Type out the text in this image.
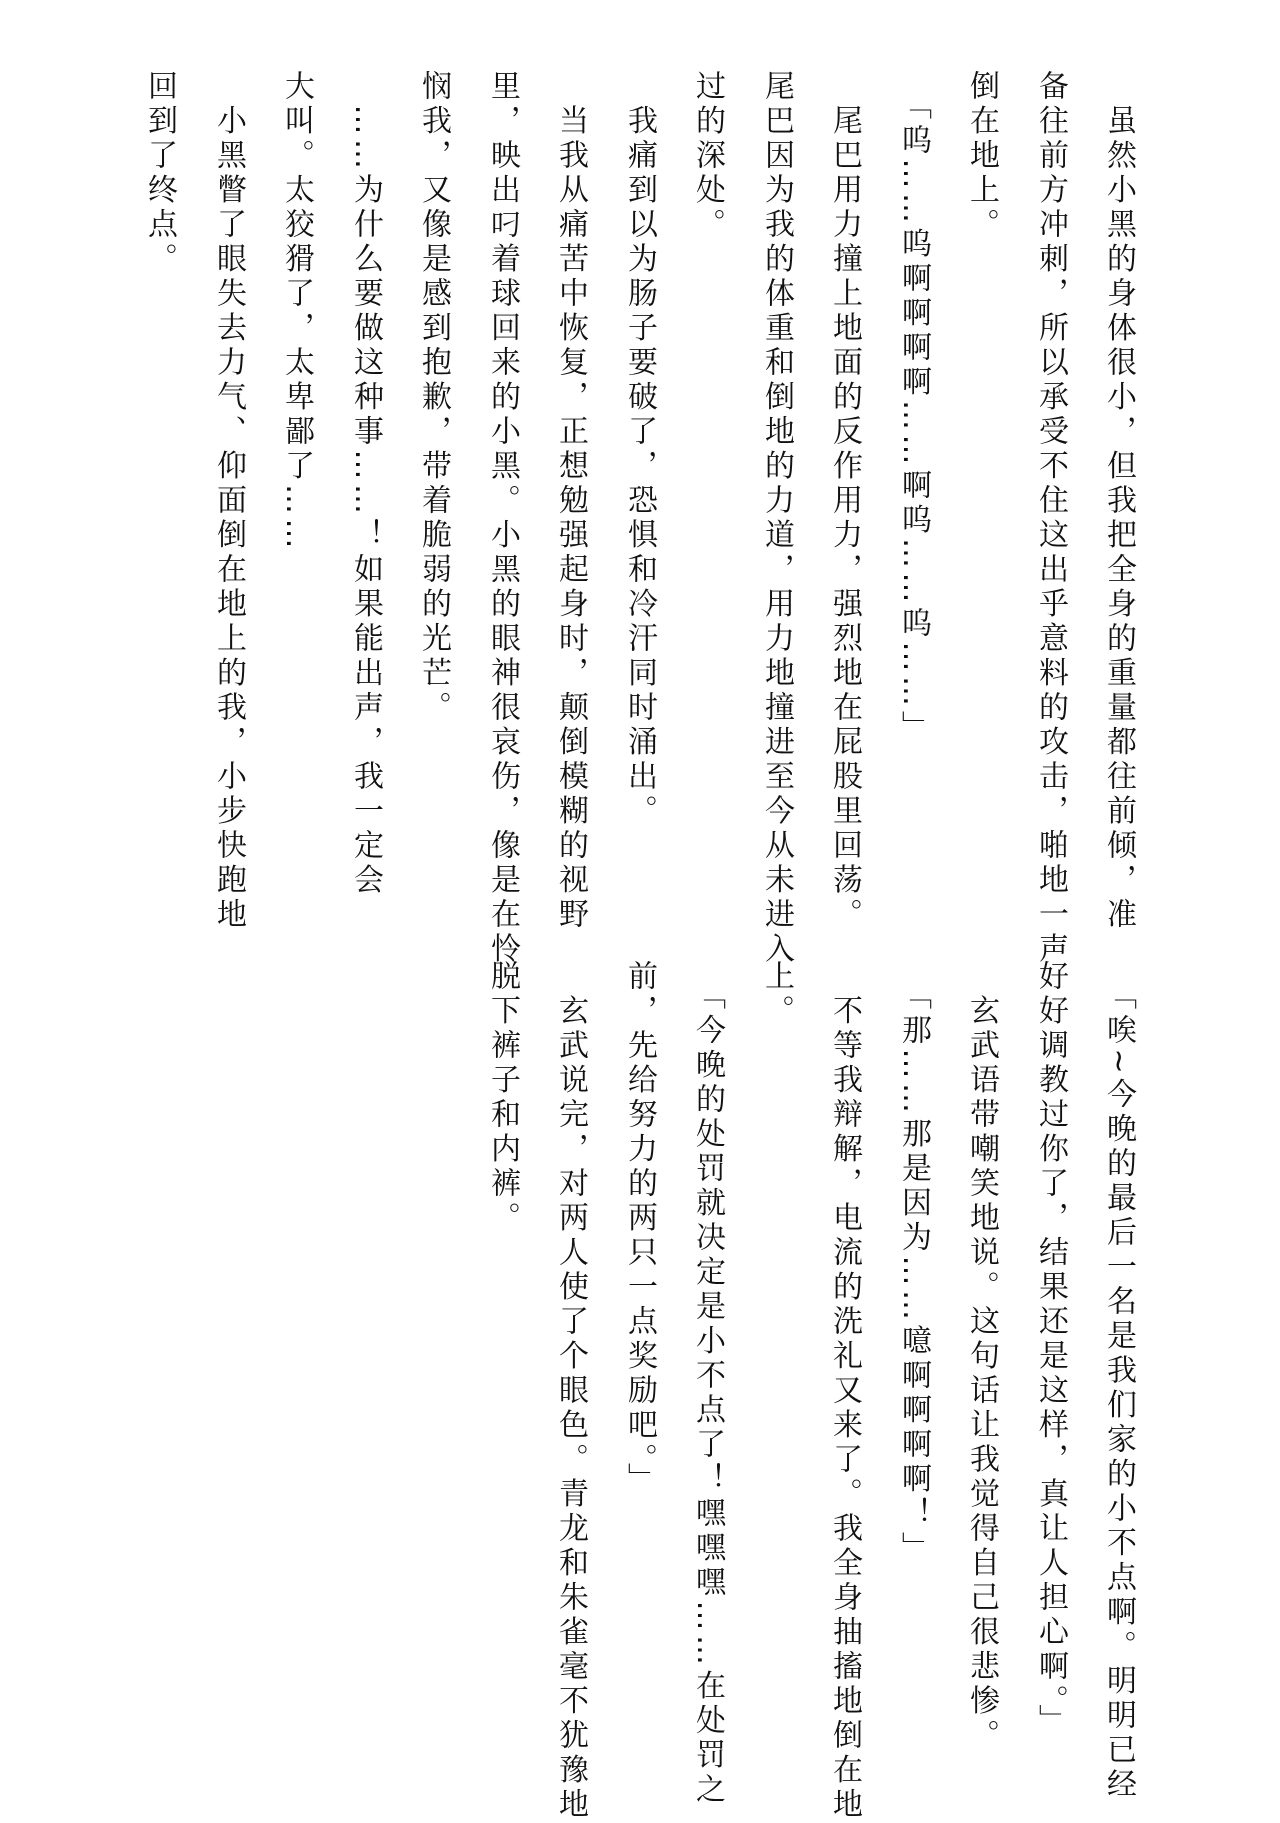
　虽然小黑的身体很小，但我把全身的重量都往前倾，准
备往前方冲刺，所以承受不住这出乎意料的攻击，啪地一声
倒在地上。
　「呜……呜啊啊啊啊……啊呜……呜……」
　尾巴用力撞上地面的反作用力，强烈地在屁股里回荡。
尾巴因为我的体重和倒地的力道，用力地撞进至今从未进入
过的深处。
　我痛到以为肠子要破了，恐惧和冷汗同时涌出。
　当我从痛苦中恢复，正想勉强起身时，颠倒模糊的视野
里，映出叼着球回来的小黑。小黑的眼神很哀伤，像是在怜
悯我，又像是感到抱歉，带着脆弱的光芒。
　……为什么要做这种事……！如果能出声，我一定会
大叫。太狡猾了，太卑鄙了……
　小黑瞥了眼失去力气、仰面倒在地上的我，小步快跑地
回到了终点。
　「唉~今晚的最后一名是我们家的小不点啊。明明已经
好好调教过你了，结果还是这样，真让人担心啊。」
　玄武语带嘲笑地说。这句话让我觉得自己很悲惨。
　「那……那是因为……噫啊啊啊啊！」
　不等我辩解，电流的洗礼又来了。我全身抽搐地倒在地
上。
　「今晚的处罚就决定是小不点了！嘿嘿嘿……在处罚之
前，先给努力的两只一点奖励吧。」
　玄武说完，对两人使了个眼色。青龙和朱雀毫不犹豫地
脱下裤子和内裤。
